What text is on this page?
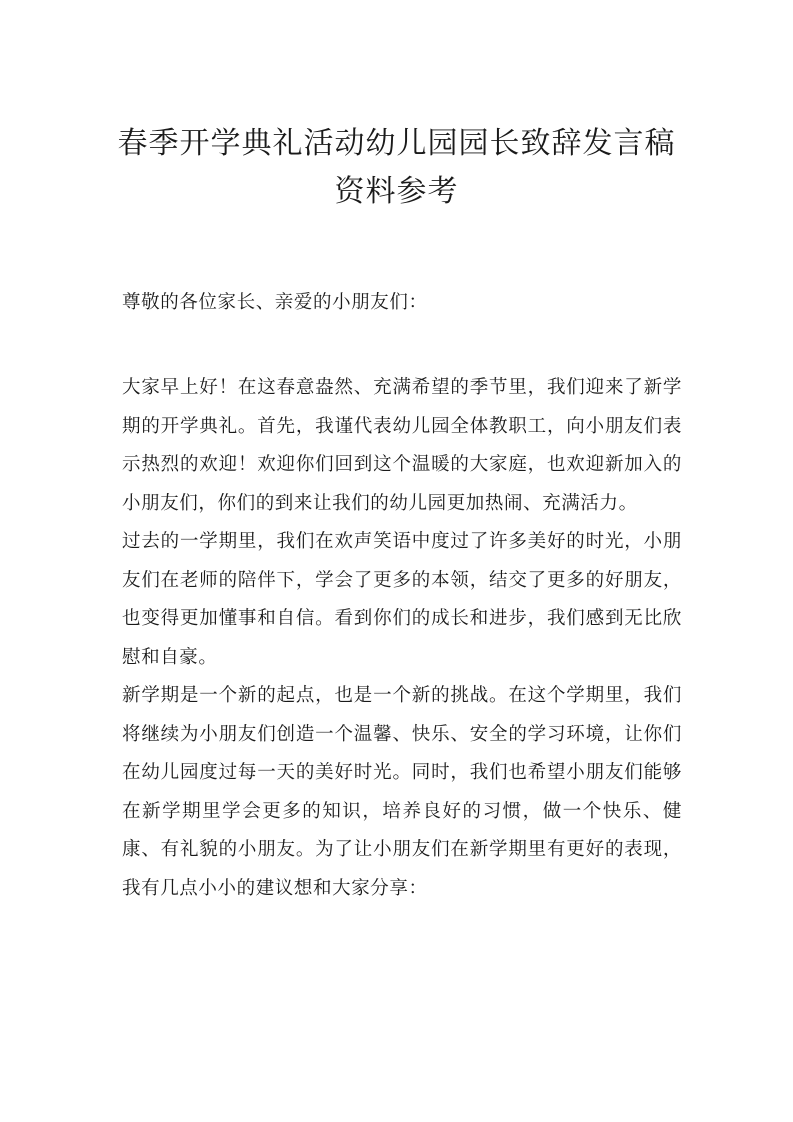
春季开学典礼活动幼儿园园长致辞发言稿
资料参考
尊敬的各位家长、亲爱的小朋友们：

大家早上好！在这春意盎然、充满希望的季节里，我们迎来了新学期的开学典礼。首先，我谨代表幼儿园全体教职工，向小朋友们表示热烈的欢迎！欢迎你们回到这个温暖的大家庭，也欢迎新加入的小朋友们，你们的到来让我们的幼儿园更加热闹、充满活力。

过去的一学期里，我们在欢声笑语中度过了许多美好的时光，小朋友们在老师的陪伴下，学会了更多的本领，结交了更多的好朋友，也变得更加懂事和自信。看到你们的成长和进步，我们感到无比欣慰和自豪。

新学期是一个新的起点，也是一个新的挑战。在这个学期里，我们将继续为小朋友们创造一个温馨、快乐、安全的学习环境，让你们在幼儿园度过每一天的美好时光。同时，我们也希望小朋友们能够在新学期里学会更多的知识，培养良好的习惯，做一个快乐、健康、有礼貌的小朋友。为了让小朋友们在新学期里有更好的表现，我有几点小小的建议想和大家分享：
